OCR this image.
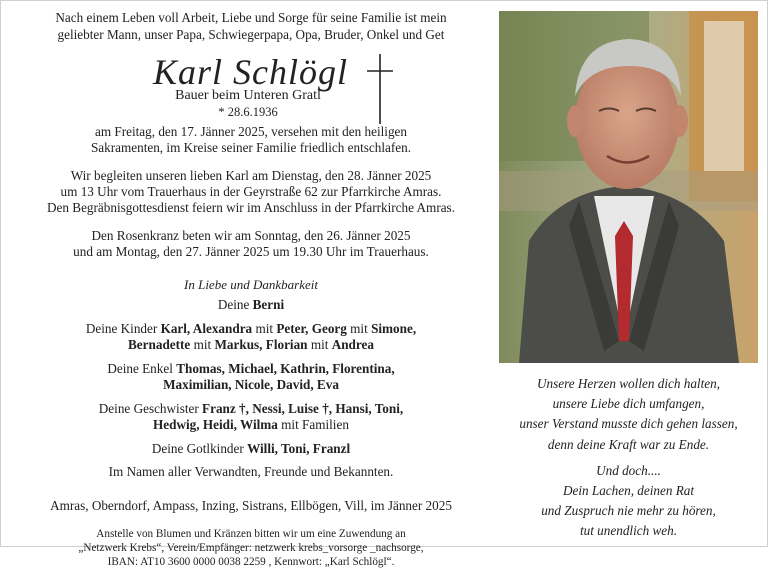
Nach einem Leben voll Arbeit, Liebe und Sorge für seine Familie ist mein
geliebter Mann, unser Papa, Schwiegerpapa, Opa, Bruder, Onkel und Get
Karl Schlögl
Bauer beim Unteren Gratl
* 28.6.1936
am Freitag, den 17. Jänner 2025, versehen mit den heiligen
Sakramenten, im Kreise seiner Familie friedlich entschlafen.
Wir begleiten unseren lieben Karl am Dienstag, den 28. Jänner 2025
um 13 Uhr vom Trauerhaus in der Geyrstraße 62 zur Pfarrkirche Amras.
Den Begräbnisgottesdienst feiern wir im Anschluss in der Pfarrkirche Amras.
Den Rosenkranz beten wir am Sonntag, den 26. Jänner 2025
und am Montag, den 27. Jänner 2025 um 19.30 Uhr im Trauerhaus.
In Liebe und Dankbarkeit
Deine Berni
Deine Kinder Karl, Alexandra mit Peter, Georg mit Simone,
Bernadette mit Markus, Florian mit Andrea
Deine Enkel Thomas, Michael, Kathrin, Florentina,
Maximilian, Nicole, David, Eva
Deine Geschwister Franz †, Nessi, Luise †, Hansi, Toni,
Hedwig, Heidi, Wilma mit Familien
Deine Gotlkinder Willi, Toni, Franzl
Im Namen aller Verwandten, Freunde und Bekannten.
Amras, Oberndorf, Ampass, Inzing, Sistrans, Ellbögen, Vill, im Jänner 2025
Anstelle von Blumen und Kränzen bitten wir um eine Zuwendung an
„Netzwerk Krebs“, Verein/Empfänger: netzwerk krebs_vorsorge _nachsorge,
IBAN: AT10 3600 0000 0038 2259 , Kennwort: „Karl Schlögl“.
Unsere Herzen wollen dich halten,
unsere Liebe dich umfangen,
unser Verstand musste dich gehen lassen,
denn deine Kraft war zu Ende.
Und doch....
Dein Lachen, deinen Rat
und Zuspruch nie mehr zu hören,
tut unendlich weh.
